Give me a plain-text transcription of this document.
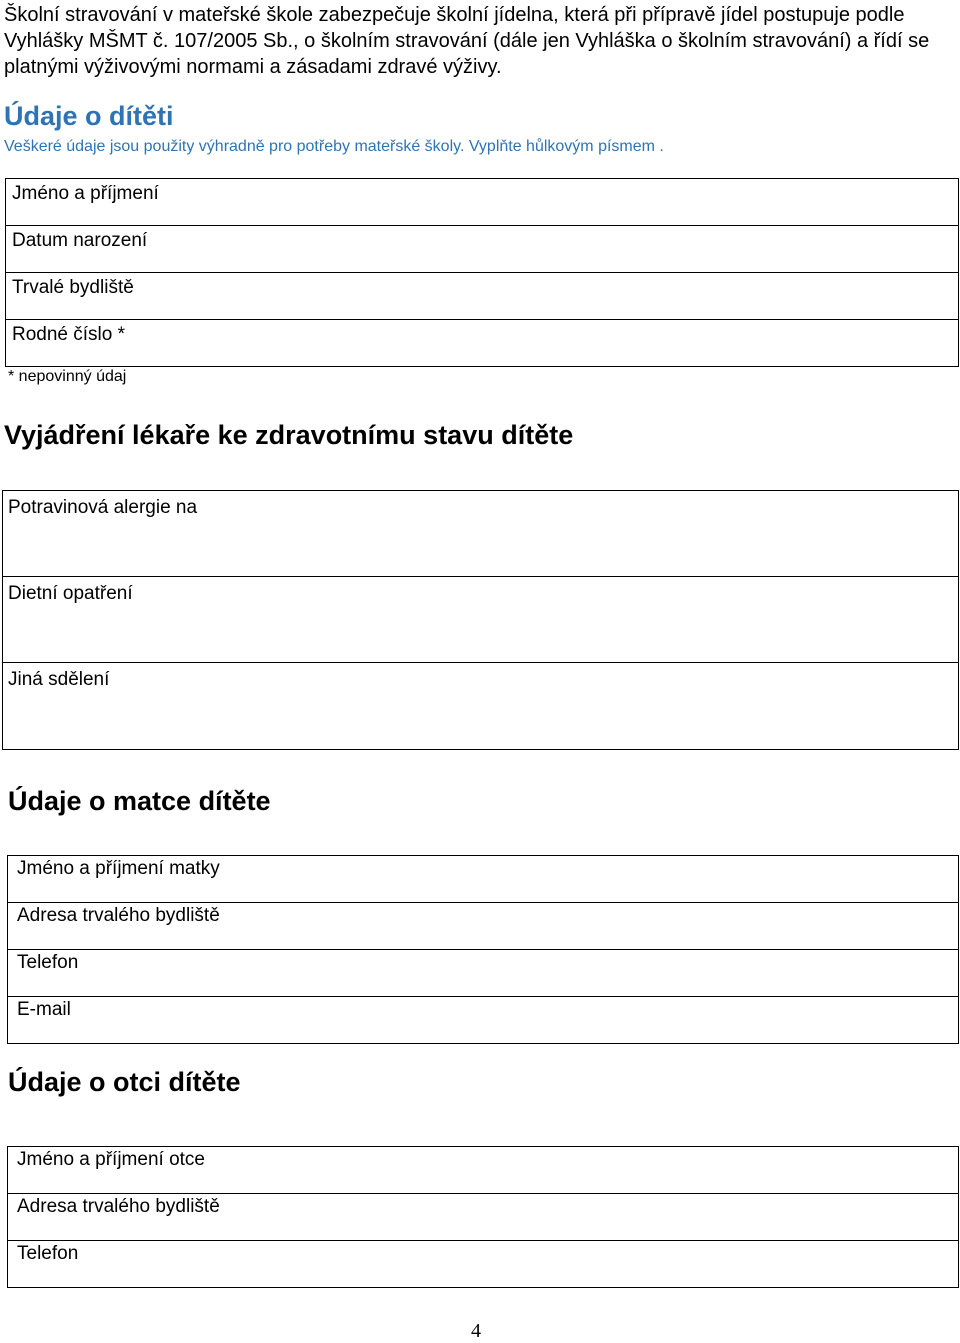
Školní stravování v mateřské škole zabezpečuje školní jídelna, která při přípravě jídel postupuje podle Vyhlášky MŠMT č. 107/2005 Sb., o školním stravování (dále jen Vyhláška o školním stravování) a řídí se platnými výživovými normami a zásadami zdravé výživy.

Údaje o dítěti

Veškeré údaje jsou použity výhradně pro potřeby mateřské školy. Vyplňte hůlkovým písmem .

Jméno a příjmení

Datum narození

Trvalé bydliště

Rodné číslo *

* nepovinný údaj

Vyjádření lékaře ke zdravotnímu stavu dítěte
Potravinová alergie na

Dietní opatření

Jiná sdělení
Údaje o matce dítěte
Jméno a příjmení matky

Adresa trvalého bydliště

Telefon

E-mail
Údaje o otci dítěte
Jméno a příjmení otce

Adresa trvalého bydliště

Telefon
4
